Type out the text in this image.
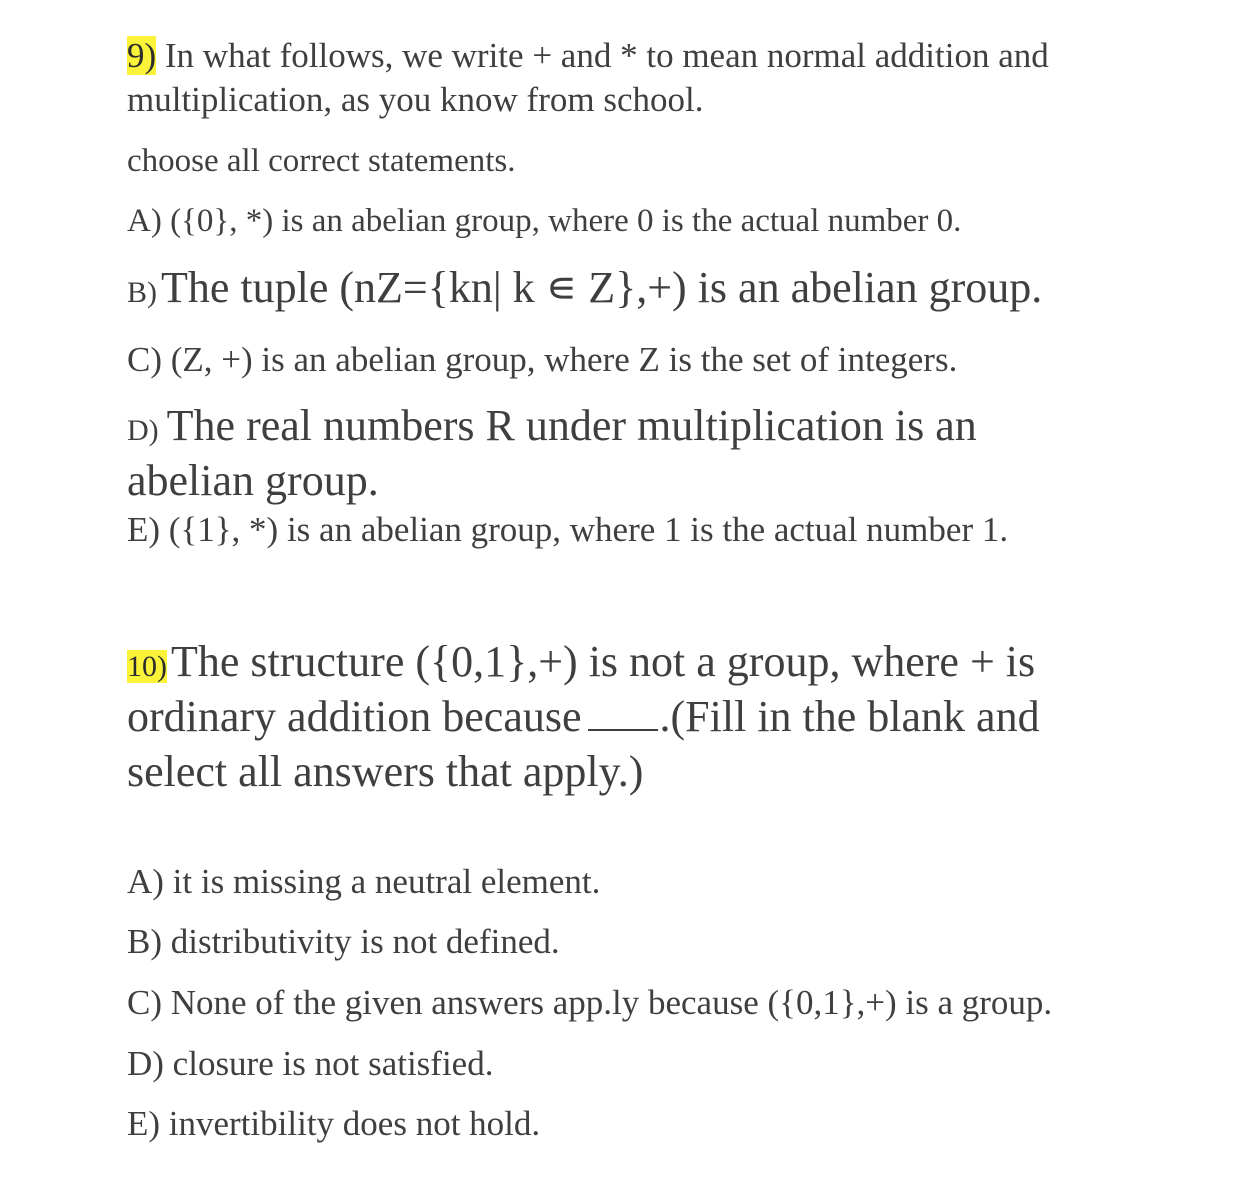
9) In what follows, we write + and * to mean normal addition and
multiplication, as you know from school.
choose all correct statements.
A) ({0}, *) is an abelian group, where 0 is the actual number 0.
B) The tuple (nZ={kn| k ∊ Z},+) is an abelian group.
C) (Z, +) is an abelian group, where Z is the set of integers.
D) The real numbers R under multiplication is an
abelian group.
E) ({1}, *) is an abelian group, where 1 is the actual number 1.
10) The structure ({0,1},+) is not a group, where + is
ordinary addition because .(Fill in the blank and
select all answers that apply.)
A) it is missing a neutral element.
B) distributivity is not defined.
C) None of the given answers app.ly because ({0,1},+) is a group.
D) closure is not satisfied.
E) invertibility does not hold.
